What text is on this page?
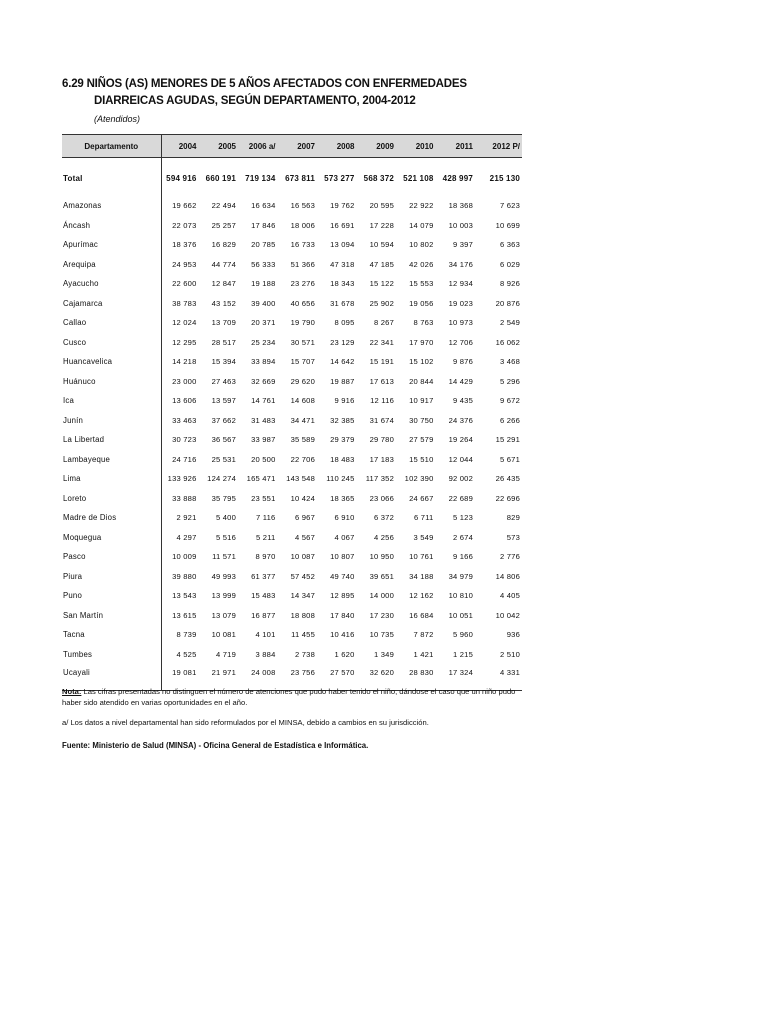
6.29 NIÑOS (AS) MENORES DE 5 AÑOS AFECTADOS CON ENFERMEDADES
DIARREICAS AGUDAS, SEGÚN DEPARTAMENTO, 2004-2012
(Atendidos)
Departamento	2004	2005	2006 a/	2007	2008	2009	2010	2011	2012 P/

Total	594 916	660 191	719 134	673 811	573 277	568 372	521 108	428 997	215 130

Amazonas	19 662	22 494	16 634	16 563	19 762	20 595	22 922	18 368	7 623
Áncash	22 073	25 257	17 846	18 006	16 691	17 228	14 079	10 003	10 699
Apurímac	18 376	16 829	20 785	16 733	13 094	10 594	10 802	9 397	6 363
Arequipa	24 953	44 774	56 333	51 366	47 318	47 185	42 026	34 176	6 029
Ayacucho	22 600	12 847	19 188	23 276	18 343	15 122	15 553	12 934	8 926
Cajamarca	38 783	43 152	39 400	40 656	31 678	25 902	19 056	19 023	20 876
Callao	12 024	13 709	20 371	19 790	8 095	8 267	8 763	10 973	2 549
Cusco	12 295	28 517	25 234	30 571	23 129	22 341	17 970	12 706	16 062
Huancavelica	14 218	15 394	33 894	15 707	14 642	15 191	15 102	9 876	3 468
Huánuco	23 000	27 463	32 669	29 620	19 887	17 613	20 844	14 429	5 296
Ica	13 606	13 597	14 761	14 608	9 916	12 116	10 917	9 435	9 672
Junín	33 463	37 662	31 483	34 471	32 385	31 674	30 750	24 376	6 266
La Libertad	30 723	36 567	33 987	35 589	29 379	29 780	27 579	19 264	15 291
Lambayeque	24 716	25 531	20 500	22 706	18 483	17 183	15 510	12 044	5 671
Lima	133 926	124 274	165 471	143 548	110 245	117 352	102 390	92 002	26 435
Loreto	33 888	35 795	23 551	10 424	18 365	23 066	24 667	22 689	22 696
Madre de Dios	2 921	5 400	7 116	6 967	6 910	6 372	6 711	5 123	829
Moquegua	4 297	5 516	5 211	4 567	4 067	4 256	3 549	2 674	573
Pasco	10 009	11 571	8 970	10 087	10 807	10 950	10 761	9 166	2 776
Piura	39 880	49 993	61 377	57 452	49 740	39 651	34 188	34 979	14 806
Puno	13 543	13 999	15 483	14 347	12 895	14 000	12 162	10 810	4 405
San Martín	13 615	13 079	16 877	18 808	17 840	17 230	16 684	10 051	10 042
Tacna	8 739	10 081	4 101	11 455	10 416	10 735	7 872	5 960	936
Tumbes	4 525	4 719	3 884	2 738	1 620	1 349	1 421	1 215	2 510
Ucayali	19 081	21 971	24 008	23 756	27 570	32 620	28 830	17 324	4 331
Nota: Las cifras presentadas no distinguen el número de atenciones que pudo haber tenido el niño, dándose el caso que un niño pudo haber sido atendido en varias oportunidades en el año.
a/ Los datos a nivel departamental han sido reformulados por el MINSA, debido a cambios en su jurisdicción.
Fuente: Ministerio de Salud (MINSA) - Oficina General de Estadística e Informática.
